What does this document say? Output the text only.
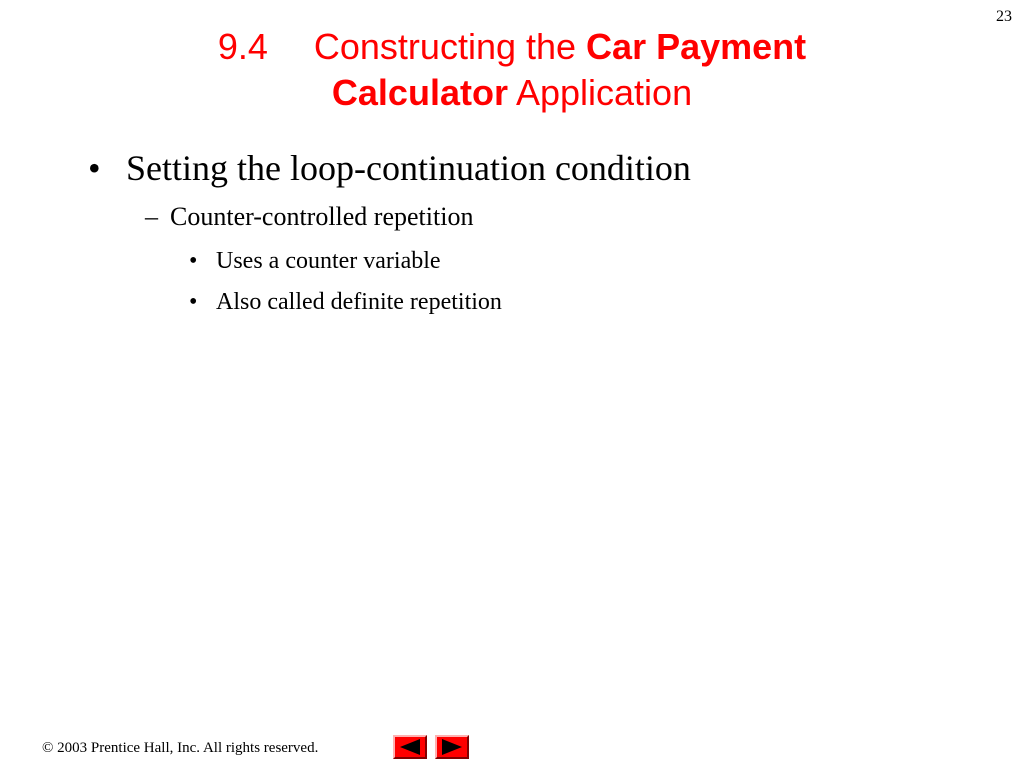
23
9.4 Constructing the Car Payment
Calculator Application
• Setting the loop-continuation condition
– Counter-controlled repetition
• Uses a counter variable
• Also called definite repetition
© 2003 Prentice Hall, Inc. All rights reserved.
